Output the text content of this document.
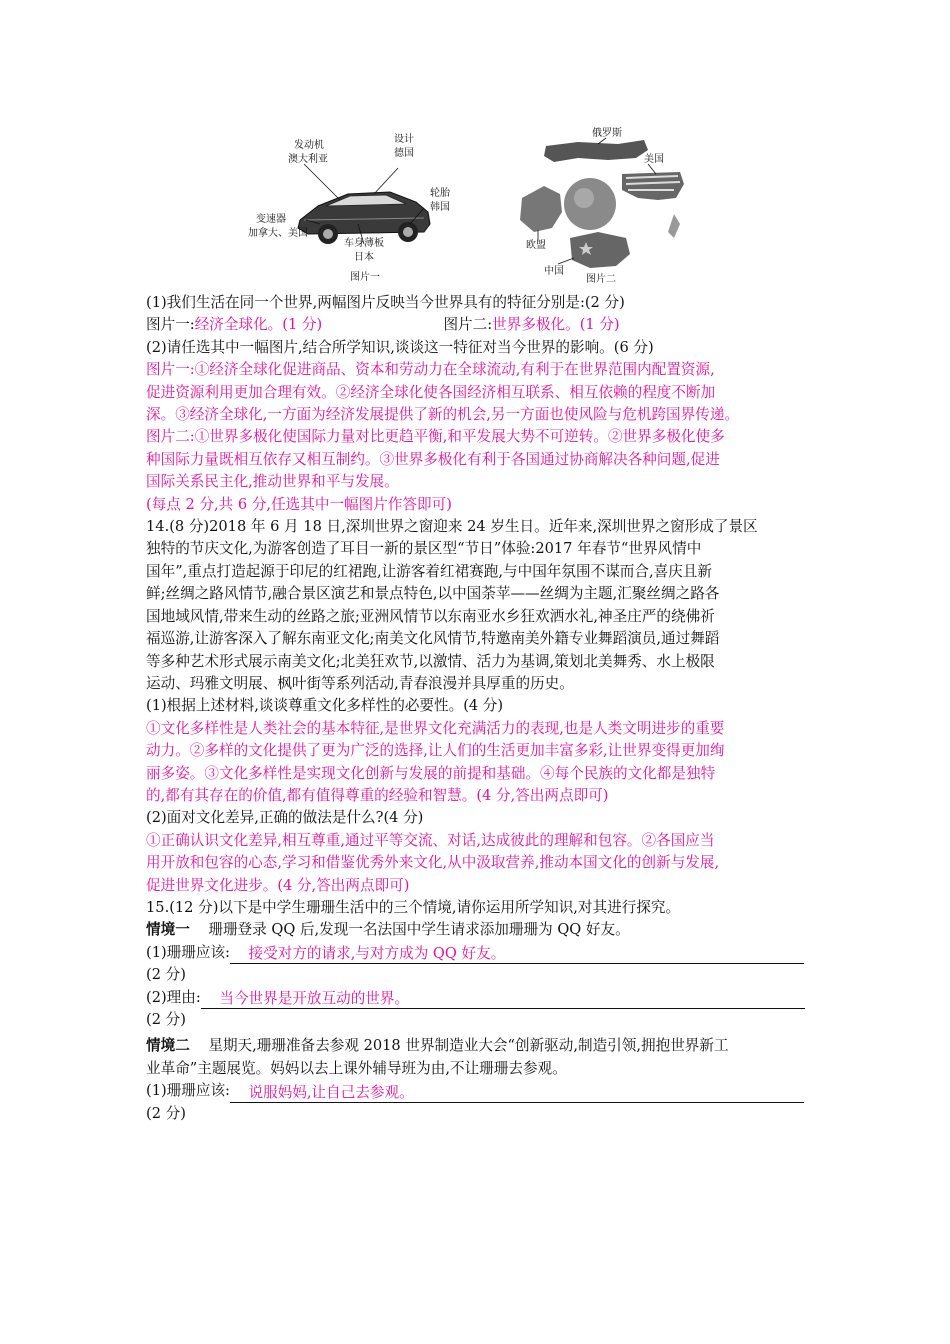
发动机
澳大利亚
设计
德国
轮胎
韩国
变速器
加拿大、美国
车身薄板
日本
图片一
俄罗斯
美国
欧盟
中国
图片二
(1)我们生活在同一个世界,两幅图片反映当今世界具有的特征分别是:(2 分)
图片一:经济全球化。(1 分)	图片二:世界多极化。(1 分)
(2)请任选其中一幅图片,结合所学知识,谈谈这一特征对当今世界的影响。(6 分)
图片一:①经济全球化促进商品、资本和劳动力在全球流动,有利于在世界范围内配置资源,
促进资源利用更加合理有效。②经济全球化使各国经济相互联系、相互依赖的程度不断加
深。③经济全球化,一方面为经济发展提供了新的机会,另一方面也使风险与危机跨国界传递。
图片二:①世界多极化使国际力量对比更趋平衡,和平发展大势不可逆转。②世界多极化使多
种国际力量既相互依存又相互制约。③世界多极化有利于各国通过协商解决各种问题,促进
国际关系民主化,推动世界和平与发展。
(每点 2 分,共 6 分,任选其中一幅图片作答即可)
14.(8 分)2018 年 6 月 18 日,深圳世界之窗迎来 24 岁生日。近年来,深圳世界之窗形成了景区
独特的节庆文化,为游客创造了耳目一新的景区型“节日”体验:2017 年春节“世界风情中
国年”,重点打造起源于印尼的红裙跑,让游客着红裙赛跑,与中国年氛围不谋而合,喜庆且新
鲜;丝绸之路风情节,融合景区演艺和景点特色,以中国荼苹——丝绸为主题,汇聚丝绸之路各
国地域风情,带来生动的丝路之旅;亚洲风情节以东南亚水乡狂欢洒水礼,神圣庄严的绕佛祈
福巡游,让游客深入了解东南亚文化;南美文化风情节,特邀南美外籍专业舞蹈演员,通过舞蹈
等多种艺术形式展示南美文化;北美狂欢节,以激情、活力为基调,策划北美舞秀、水上极限
运动、玛雅文明展、枫叶街等系列活动,青春浪漫并具厚重的历史。
(1)根据上述材料,谈谈尊重文化多样性的必要性。(4 分)
①文化多样性是人类社会的基本特征,是世界文化充满活力的表现,也是人类文明进步的重要
动力。②多样的文化提供了更为广泛的选择,让人们的生活更加丰富多彩,让世界变得更加绚
丽多姿。③文化多样性是实现文化创新与发展的前提和基础。④每个民族的文化都是独特
的,都有其存在的价值,都有值得尊重的经验和智慧。(4 分,答出两点即可)
(2)面对文化差异,正确的做法是什么?(4 分)
①正确认识文化差异,相互尊重,通过平等交流、对话,达成彼此的理解和包容。②各国应当
用开放和包容的心态,学习和借鉴优秀外来文化,从中汲取营养,推动本国文化的创新与发展,
促进世界文化进步。(4 分,答出两点即可)
15.(12 分)以下是中学生珊珊生活中的三个情境,请你运用所学知识,对其进行探究。
情境一 珊珊登录 QQ 后,发现一名法国中学生请求添加珊珊为 QQ 好友。
(1)珊珊应该:	接受对方的请求,与对方成为 QQ 好友。
(2 分)
(2)理由:	当今世界是开放互动的世界。
(2 分)
情境二 星期天,珊珊准备去参观 2018 世界制造业大会“创新驱动,制造引领,拥抱世界新工
业革命”主题展览。妈妈以去上课外辅导班为由,不让珊珊去参观。
(1)珊珊应该:	说服妈妈,让自己去参观。
(2 分)
